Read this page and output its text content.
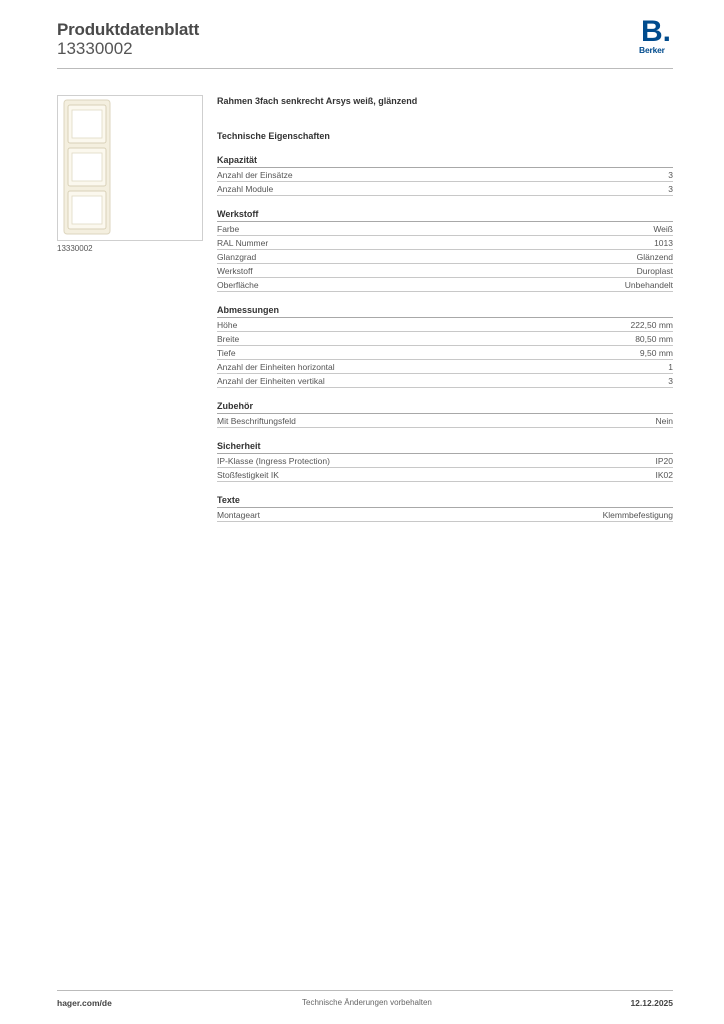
Produktdatenblatt
13330002
B.
Berker
13330002
Rahmen 3fach senkrecht Arsys weiß, glänzend
Technische Eigenschaften
Kapazität
Anzahl der Einsätze	3
Anzahl Module	3
Werkstoff
Farbe	Weiß
RAL Nummer	1013
Glanzgrad	Glänzend
Werkstoff	Duroplast
Oberfläche	Unbehandelt
Abmessungen
Höhe	222,50 mm
Breite	80,50 mm
Tiefe	9,50 mm
Anzahl der Einheiten horizontal	1
Anzahl der Einheiten vertikal	3
Zubehör
Mit Beschriftungsfeld	Nein
Sicherheit
IP-Klasse (Ingress Protection)	IP20
Stoßfestigkeit IK	IK02
Texte
Montageart	Klemmbefestigung
hager.com/de	Technische Änderungen vorbehalten	12.12.2025
